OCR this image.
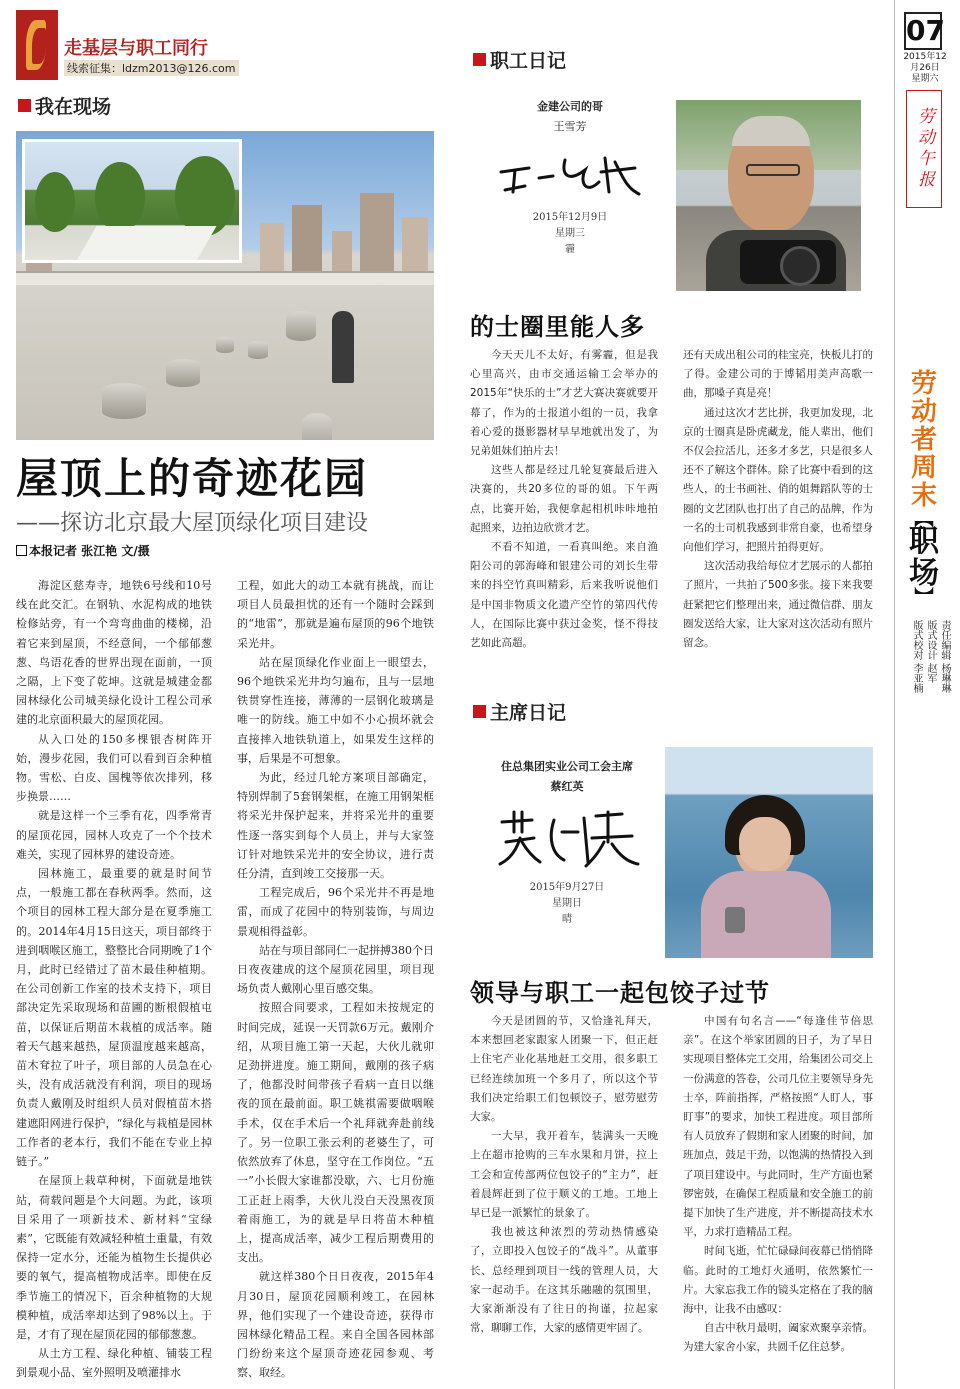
走基层与职工同行
线索征集：ldzm2013@126.com
我在现场
屋顶上的奇迹花园
——探访北京最大屋顶绿化项目建设
本报记者 张江艳 文/摄

海淀区慈寿寺，地铁6号线和10号线在此交汇。在钢轨、水泥构成的地铁检修站旁，有一个弯弯曲曲的楼梯，沿着它来到屋顶，不经意间，一个郁郁葱葱、鸟语花香的世界出现在面前，一顶之隔，上下变了乾坤。这就是城建金都园林绿化公司城美绿化设计工程公司承建的北京面积最大的屋顶花园。

从入口处的150多棵银杏树阵开始，漫步花园，我们可以看到百余种植物。雪松、白皮、国槐等依次排列，移步换景……

就是这样一个三季有花，四季常青的屋顶花园，园林人攻克了一个个技术难关，实现了园林界的建设奇迹。

园林施工，最重要的就是时间节点，一般施工都在春秋两季。然而，这个项目的园林工程大部分是在夏季施工的。2014年4月15日这天，项目部终于进到咽喉区施工，整整比合同期晚了1个月，此时已经错过了苗木最佳种植期。在公司创新工作室的技术支持下，项目部决定先采取现场和苗圃的断根假植屯苗，以保证后期苗木栽植的成活率。随着天气越来越热，屋顶温度越来越高，苗木耷拉了叶子，项目部的人员急在心头，没有成活就没有利润，项目的现场负责人戴刚及时组织人员对假植苗木搭建遮阳网进行保护，“绿化与栽植是园林工作者的老本行，我们不能在专业上掉链子。”

在屋顶上栽草种树，下面就是地铁站，荷载问题是个大问题。为此，该项目采用了一项新技术、新材料“宝绿素”，它既能有效减轻种植土重量，有效保持一定水分，还能为植物生长提供必要的氧气，提高植物成活率。即使在反季节施工的情况下，百余种植物的大规模种植，成活率却达到了98%以上。于是，才有了现在屋顶花园的郁郁葱葱。

从土方工程、绿化种植、铺装工程到景观小品、室外照明及喷灌排水

工程，如此大的动工本就有挑战，而让项目人员最担忧的还有一个随时会踩到的“地雷”，那就是遍布屋顶的96个地铁采光井。

站在屋顶绿化作业面上一眼望去，96个地铁采光井均匀遍布，且与一层地铁贯穿性连接，薄薄的一层钢化玻璃是唯一的防线。施工中如不小心损坏就会直接摔入地铁轨道上，如果发生这样的事，后果是不可想象。

为此，经过几轮方案项目部确定，特别焊制了5套钢架框，在施工用钢架框将采光井保护起来，并将采光井的重要性逐一落实到每个人员上，并与大家签订针对地铁采光井的安全协议，进行责任分清，直到竣工交接那一天。

工程完成后，96个采光井不再是地雷，而成了花园中的特别装饰，与周边景观相得益彰。

站在与项目部同仁一起拼搏380个日日夜夜建成的这个屋顶花园里，项目现场负责人戴刚心里百感交集。

按照合同要求，工程如未按规定的时间完成，延误一天罚款6万元。戴刚介绍，从项目施工第一天起，大伙儿就卯足劲拼进度。施工期间，戴刚的孩子病了，他都没时间带孩子看病一直日以继夜的顶在最前面。职工姚祺需要做咽喉手术，仅在手术后一个礼拜就奔赴前线了。另一位职工张云利的老婆生了，可依然放弃了休息，坚守在工作岗位。“五一”小长假大家谁都没歇，六、七月份施工正赶上雨季，大伙儿没白天没黑夜顶着雨施工，为的就是早日将苗木种植上，提高成活率，减少工程后期费用的支出。

就这样380个日日夜夜，2015年4月30日，屋顶花园顺利竣工，在园林界，他们实现了一个建设奇迹，获得市园林绿化精品工程。来自全国各园林部门纷纷来这个屋顶奇迹花园参观、考察、取经。

职工日记
金建公司的哥
王雪芳
2015年12月9日
星期三
霾
的士圈里能人多

今天天儿不太好，有雾霾，但是我心里高兴，由市交通运输工会举办的2015年“快乐的士”才艺大赛决赛就要开幕了，作为的士报道小组的一员，我拿着心爱的摄影器材早早地就出发了，为兄弟姐妹们拍片去！

这些人都是经过几轮复赛最后进入决赛的，共20多位的哥的姐。下午两点，比赛开始，我便拿起相机咔咔地拍起照来，边拍边欣赏才艺。

不看不知道，一看真叫绝。来自渔阳公司的郭海峰和银建公司的刘长生带来的抖空竹真叫精彩，后来我听说他们是中国非物质文化遗产空竹的第四代传人，在国际比赛中获过金奖，怪不得技艺如此高超。

还有天成出租公司的桂宝亮，快板儿打的了得。金建公司的于博韬用美声高歌一曲，那嗓子真是亮！

通过这次才艺比拼，我更加发现，北京的士圈真是卧虎藏龙，能人辈出，他们不仅会拉活儿，还多才多艺，只是很多人还不了解这个群体。除了比赛中看到的这些人，的士书画社、俏的姐舞蹈队等的士圈的文艺团队也打出了自己的品牌，作为一名的士司机我感到非常自豪，也希望身向他们学习，把照片拍得更好。

这次活动我给每位才艺展示的人都拍了照片，一共拍了500多张。接下来我要赶紧把它们整理出来，通过微信群、朋友圈发送给大家，让大家对这次活动有照片留念。

主席日记
住总集团实业公司工会主席
蔡红英
2015年9月27日
星期日
晴
领导与职工一起包饺子过节

今天是团圆的节，又恰逢礼拜天，本来想回老家跟家人团聚一下，但正赶上住宅产业化基地赶工交用，很多职工已经连续加班一个多月了，所以这个节我们决定给职工们包顿饺子，慰劳慰劳大家。

一大早，我开着车，装满头一天晚上在超市抢购的三车水果和月饼，拉上工会和宣传部两位包饺子的“主力”，赶着晨辉赶到了位于顺义的工地。工地上早已是一派繁忙的景象了。

我也被这种浓烈的劳动热情感染了，立即投入包饺子的“战斗”。从董事长、总经理到项目一线的管理人员，大家一起动手。在这其乐融融的氛围里，大家渐渐没有了往日的拘谨，拉起家常，聊聊工作，大家的感情更牢固了。

中国有句名言——“每逢佳节倍思亲”。在这个举家团圆的日子，为了早日实现项目整体完工交用，给集团公司交上一份满意的答卷，公司几位主要领导身先士卒，阵前指挥，严格按照“人盯人，事盯事”的要求，加快工程进度。项目部所有人员放弃了假期和家人团聚的时间，加班加点，鼓足干劲，以饱满的热情投入到了项目建设中。与此同时，生产方面也紧锣密鼓，在确保工程质量和安全施工的前提下加快了生产进度，并不断提高技术水平，力求打造精品工程。

时间飞逝，忙忙碌碌间夜幕已悄悄降临。此时的工地灯火通明，依然繁忙一片。大家忘我工作的镜头定格在了我的脑海中，让我不由感叹：

自古中秋月最明，阖家欢聚享亲情。为建大家舍小家，共圆千亿住总梦。

07
2015年12月26日
星期六
劳动午报
劳动者周末
︻
职场
︼
责任编辑 杨琳琳
版式设计 赵军
版式校对 李亚楠
